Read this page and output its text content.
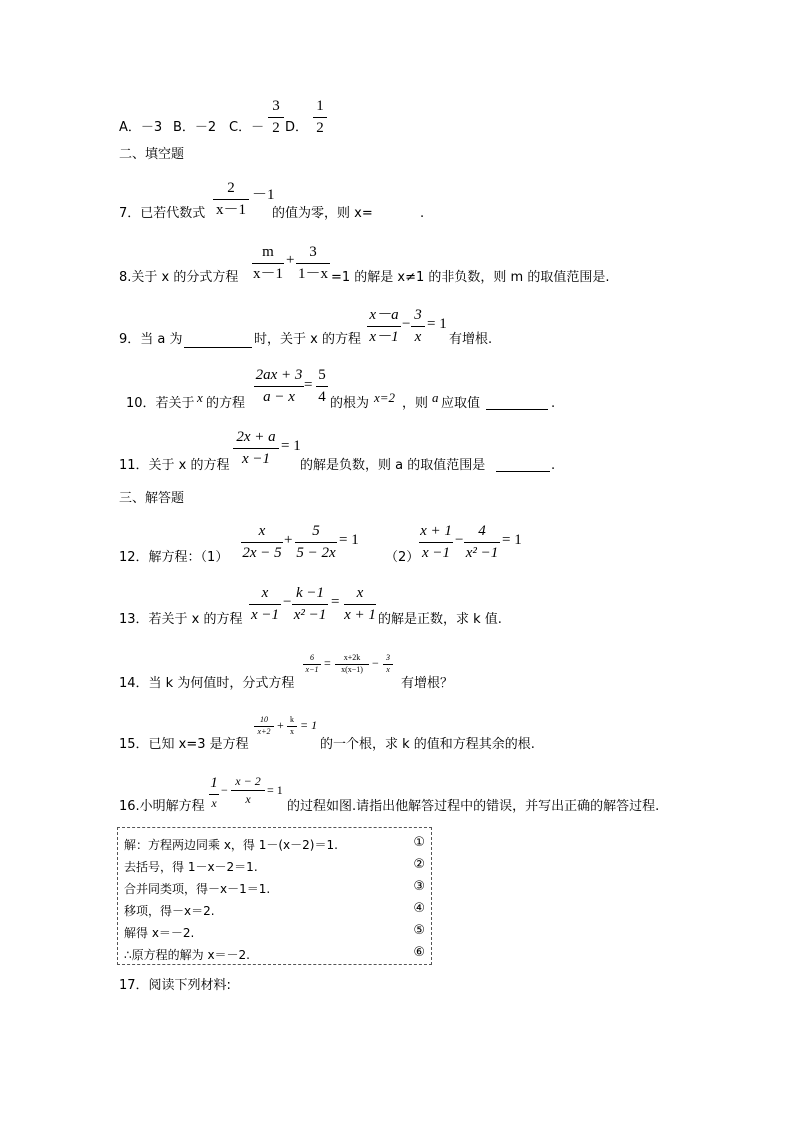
A．－3 B．－2 C．－
3
2 D．
1
2
二、填空题
7．已若代数式
2
x－1
－1
的值为零，则 x=	.
8.关于 x 的分式方程
m
x－1
+ 3
1－x =1 的解是 x≠1 的非负数，则 m 的取值范围是.
9．当 a 为	时，关于 x 的方程
x－a
x－1
−
3
x
= 1
有增根.
10．若关于 x 的方程
2ax + 3
a − x
=
5
4 的根为 x=2 ，则 a 应取值	.
11．关于 x 的方程
2x + a
x −1
= 1
的解是负数，则 a 的取值范围是	.
三、解答题
12．解方程：（1）
x
2x − 5
+
5
5 − 2x
= 1
（2）
x + 1
x −1
−
4
x² −1
= 1
13．若关于 x 的方程
x
x −1
−
k −1
x² −1
=
x
x + 1 的解是正数，求 k 值.
14．当 k 为何值时，分式方程
6
x−1 =	x+2k
x(x−1) − 3
x
有增根？
15．已知 x=3 是方程
10
x+2 + k
x = 1
的一个根，求 k 的值和方程其余的根.
16.小明解方程
1
x
−
x − 2
x
= 1
的过程如图.请指出他解答过程中的错误，并写出正确的解答过程.
解：方程两边同乘 x，得 1－(x－2)＝1.	①
去括号，得 1－x－2＝1.	②
合并同类项，得－x－1＝1.	③
移项，得－x＝2.	④
解得 x＝－2.	⑤
∴原方程的解为 x＝－2.	⑥
17．阅读下列材料:
